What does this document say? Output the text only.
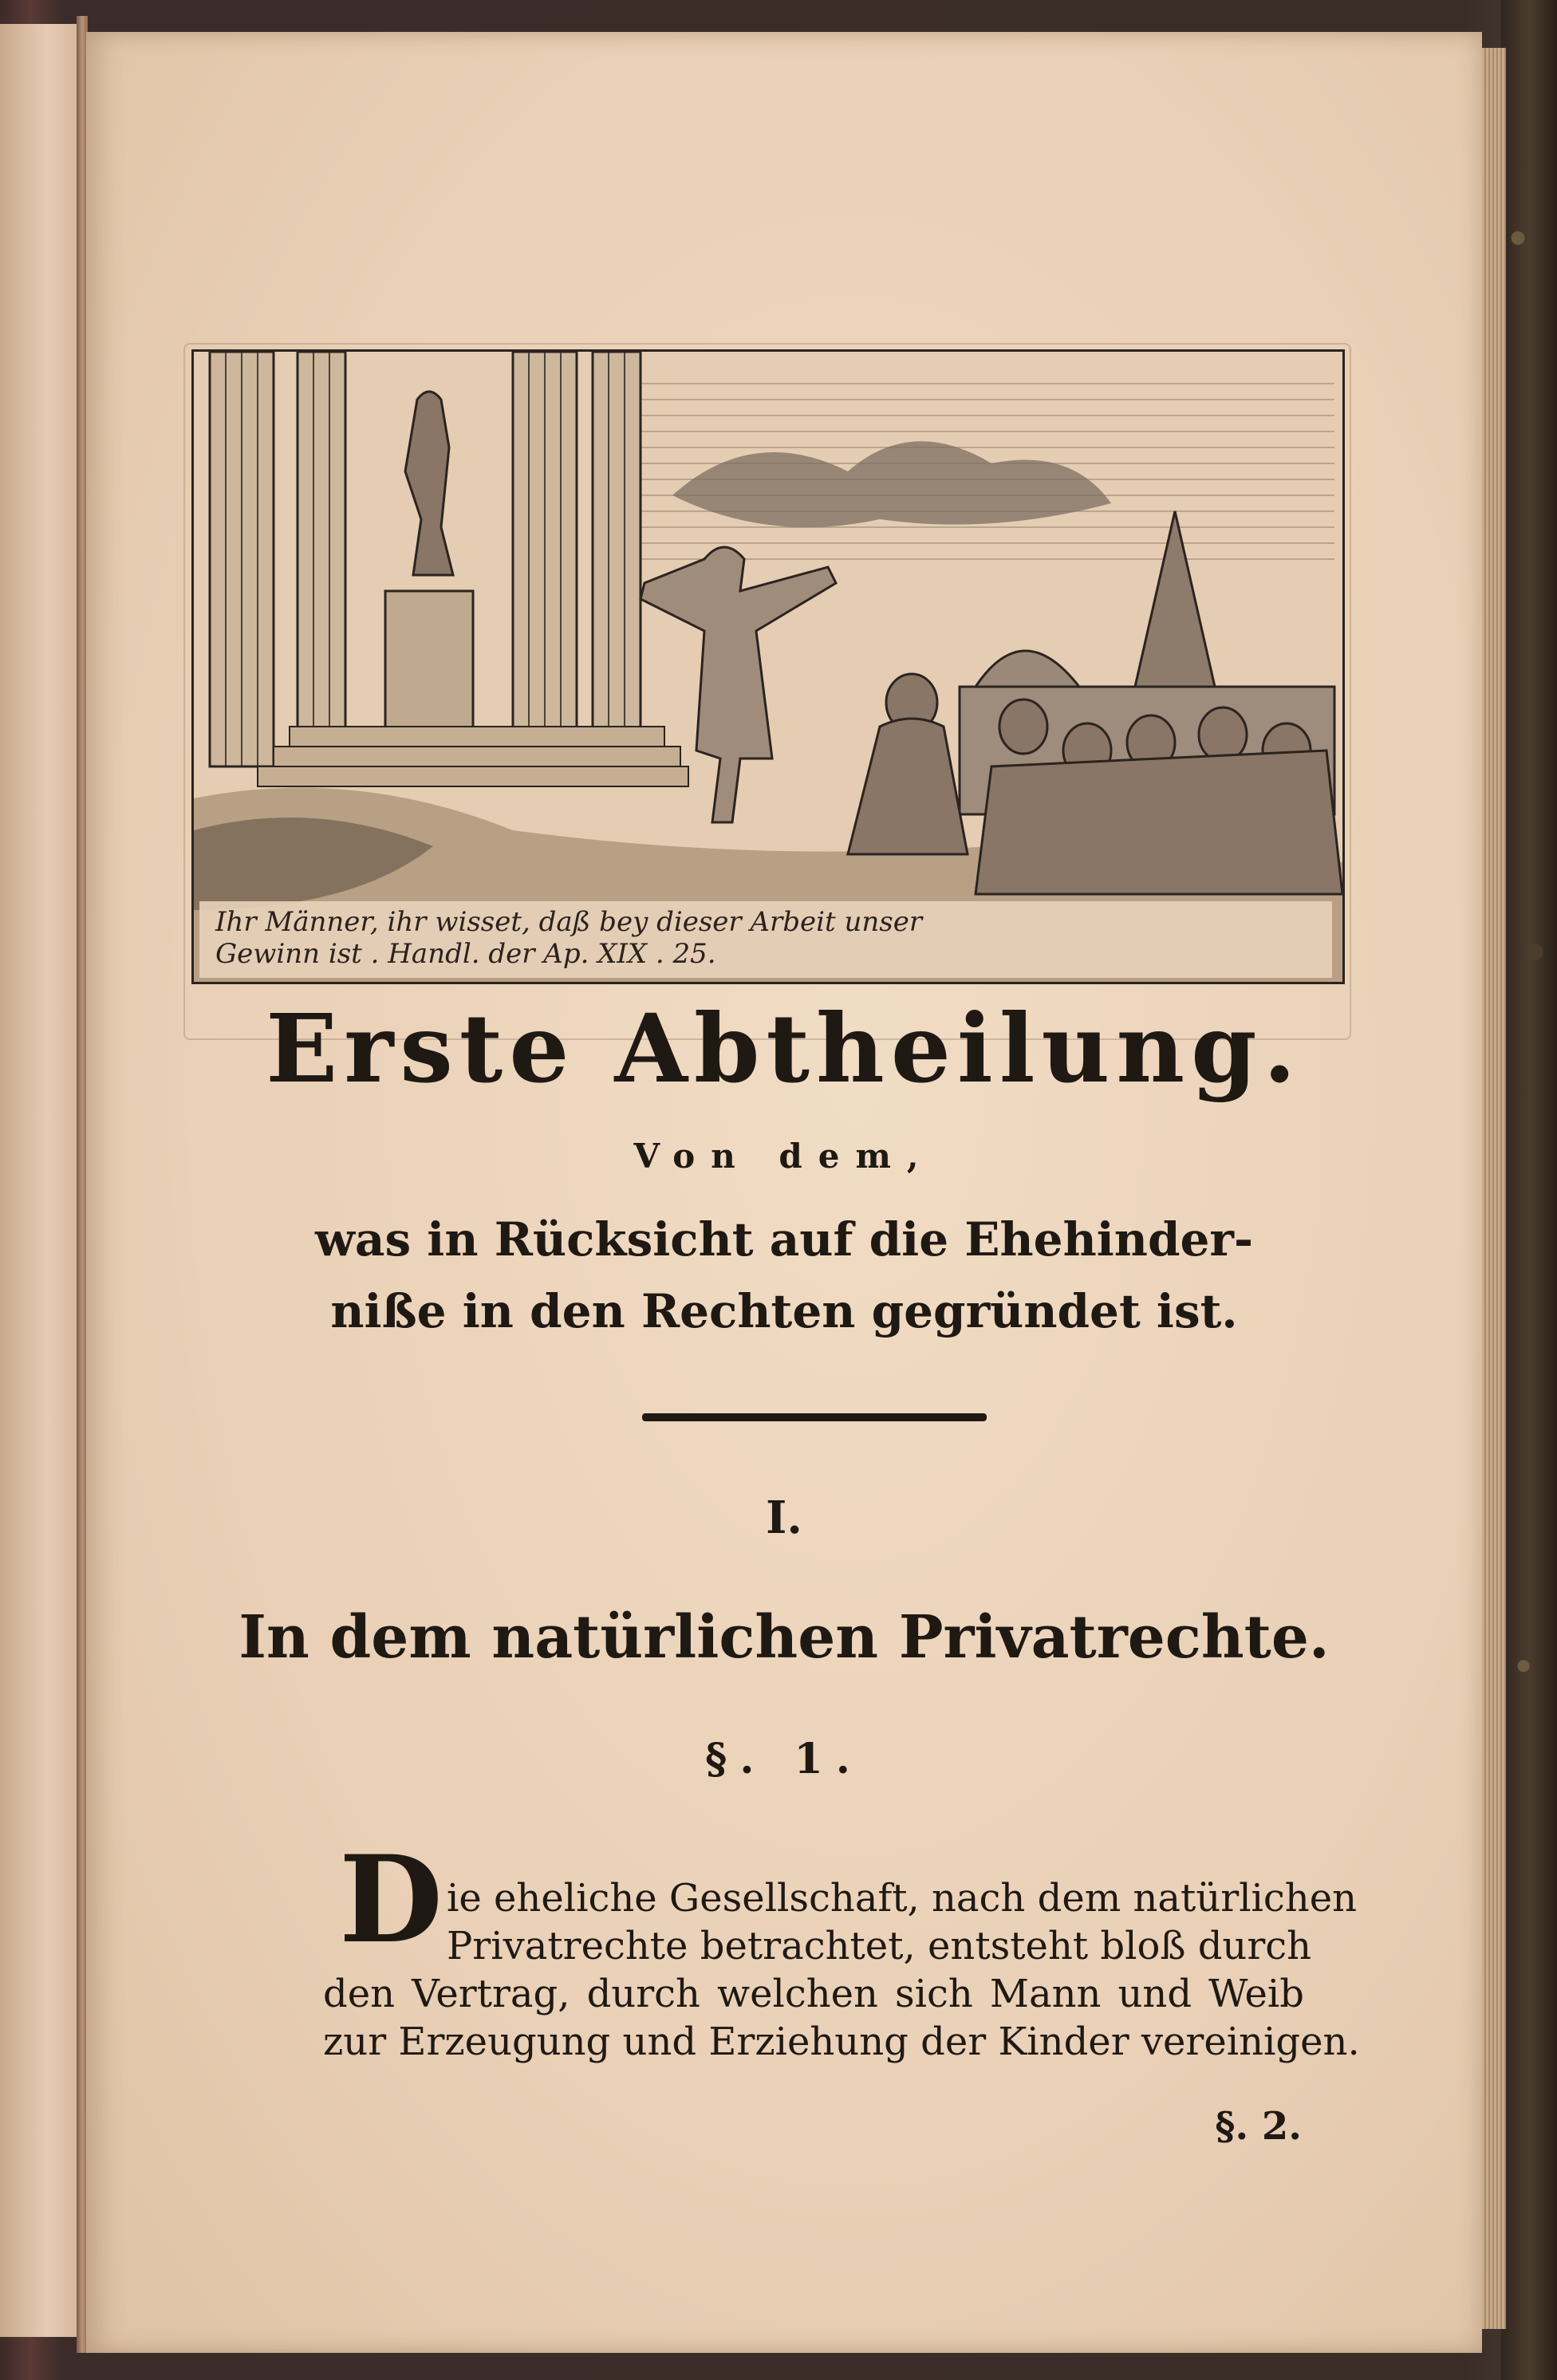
Ihr Männer, ihr wisset, daß bey dieser Arbeit unser
Gewinn ist . Handl. der Ap. XIX . 25.
Erste Abtheilung.
Von dem,
was in Rücksicht auf die Ehehinder-
niße in den Rechten gegründet ist.
I.
In dem natürlichen Privatrechte.
§. 1.
D ie eheliche Gesellschaft, nach dem natürlichen
Privatrechte betrachtet, entsteht bloß durch
den Vertrag, durch welchen sich Mann und Weib
zur Erzeugung und Erziehung der Kinder vereinigen.
§. 2.
